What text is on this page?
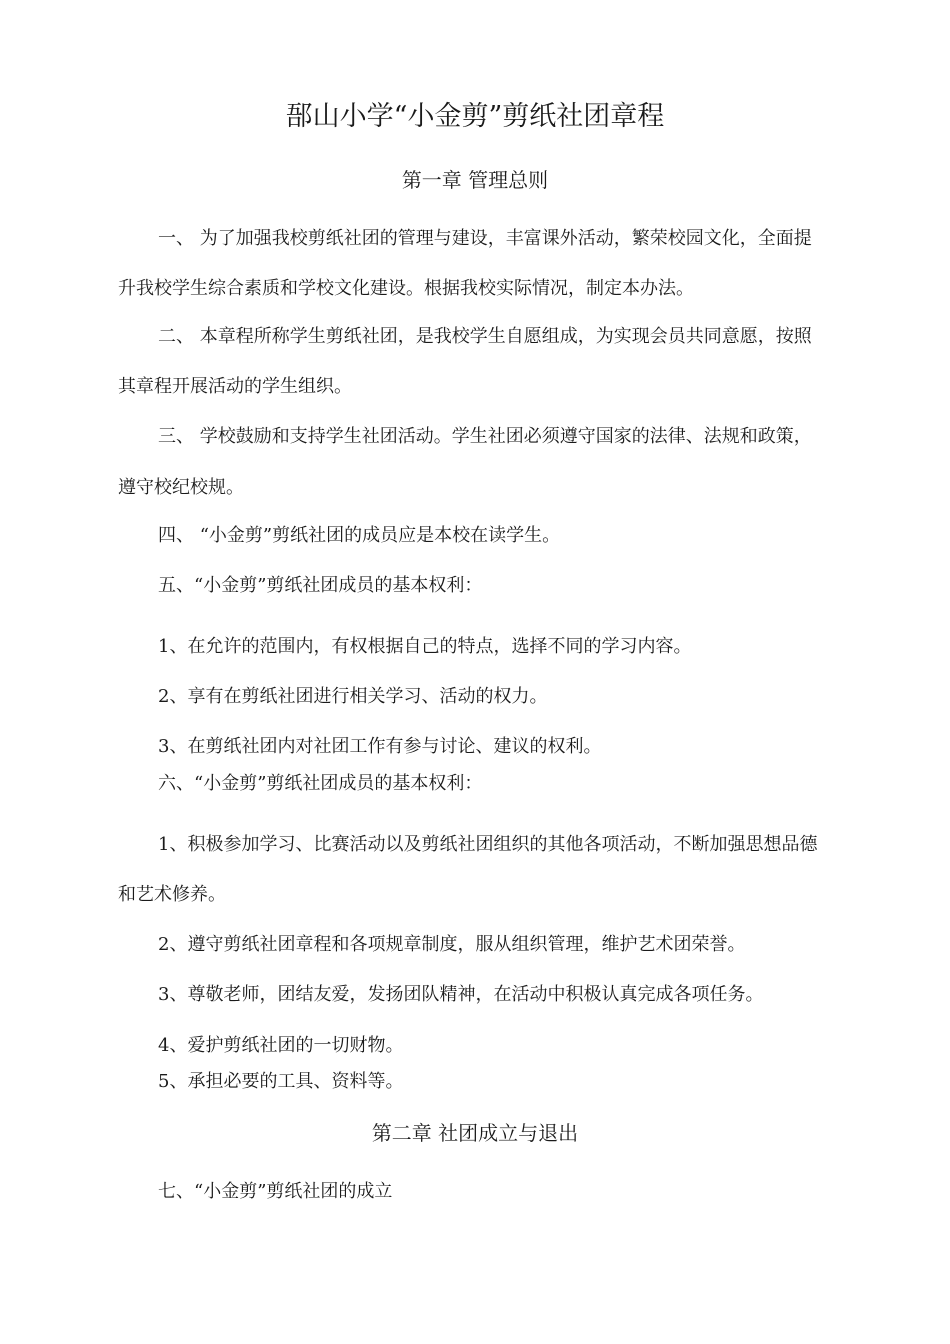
郚山小学“小金剪”剪纸社团章程
第一章 管理总则
一、 为了加强我校剪纸社团的管理与建设，丰富课外活动，繁荣校园文化，全面提
升我校学生综合素质和学校文化建设。根据我校实际情况，制定本办法。
二、 本章程所称学生剪纸社团，是我校学生自愿组成，为实现会员共同意愿，按照
其章程开展活动的学生组织。
三、 学校鼓励和支持学生社团活动。学生社团必须遵守国家的法律、法规和政策，
遵守校纪校规。
四、 “小金剪”剪纸社团的成员应是本校在读学生。
五、“小金剪”剪纸社团成员的基本权利：
1、在允许的范围内，有权根据自己的特点，选择不同的学习内容。
2、享有在剪纸社团进行相关学习、活动的权力。
3、在剪纸社团内对社团工作有参与讨论、建议的权利。
六、“小金剪”剪纸社团成员的基本权利：
1、积极参加学习、比赛活动以及剪纸社团组织的其他各项活动，不断加强思想品德
和艺术修养。
2、遵守剪纸社团章程和各项规章制度，服从组织管理，维护艺术团荣誉。
3、尊敬老师，团结友爱，发扬团队精神，在活动中积极认真完成各项任务。
4、爱护剪纸社团的一切财物。
5、承担必要的工具、资料等。
第二章 社团成立与退出
七、“小金剪”剪纸社团的成立
